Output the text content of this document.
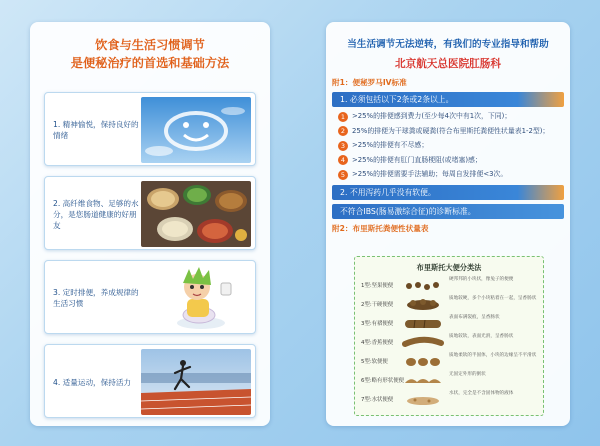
饮食与生活习惯调节
是便秘治疗的首选和基础方法
1. 精神愉悦，保持良好的情绪
2. 高纤维食物、足够的水分，是您肠道健康的好朋友
3. 定时排便，养成规律的生活习惯
4. 适量运动，保持活力
当生活调节无法逆转，有我们的专业指导和帮助
北京航天总医院肛肠科
附1：便秘罗马IV标准
1. 必须包括以下2条或2条以上。
1	>25%的排便感到费力(至少每4次中有1次，下同)；
2	25%的排便为干球粪或硬粪(符合布里斯托粪便性状量表1-2型)；
3	>25%的排便有不尽感；
4	>25%的排便有肛门直肠梗阻(或堵塞)感；
5	>25%的排便需要手法辅助；每周自发排便<3次。
2. 不用泻药几乎没有软便。
不符合IBS(肠易激综合征)的诊断标准。
附2：布里斯托粪便性状量表
布里斯托大便分类法
1型:坚果便便
硬邦邦的小块状，像兔子的便便
2型:干硬便便
质地较硬，多个小块粘着在一起，呈香肠状
3型:有褶便便
表面布满裂痕，呈香肠状
4型:香蕉便便
质地较软，表面光滑，呈香肠状
5型:软便便
质地柔软的半固体，小块的边缘呈不平滑状
6型:略有形状便便
无固定外形的粥状
7型:水状便便
水状，完全是不含固体物的液体
